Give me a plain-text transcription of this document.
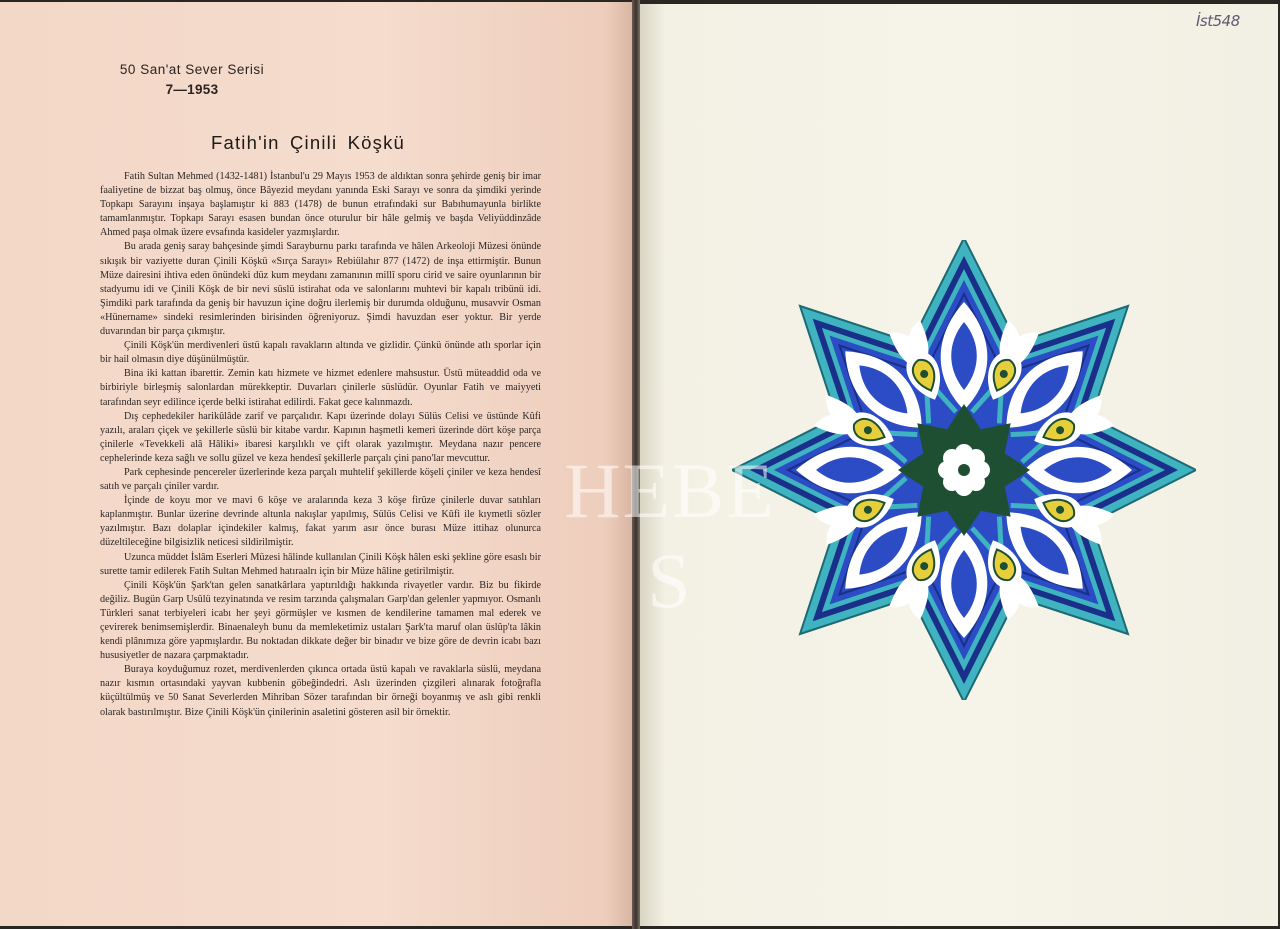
50 San'at Sever Serisi
7—1953
Fatih'in Çinili Köşkü

Fatih Sultan Mehmed (1432-1481) İstanbul'u 29 Mayıs 1953 de aldıktan sonra şehirde geniş bir imar faaliyetine de bizzat baş olmuş, önce Bâyezid meydanı yanında Eski Sarayı ve sonra da şimdiki yerinde Topkapı Sarayını inşaya başlamıştır ki 883 (1478) de bunun etrafındaki sur Babıhumayunla birlikte tamamlanmıştır. Topkapı Sarayı esasen bundan önce oturulur bir hâle gelmiş ve başda Veliyüddinzâde Ahmed paşa olmak üzere evsafında kasideler yazmışlardır.

Bu arada geniş saray bahçesinde şimdi Sarayburnu parkı tarafında ve hâlen Arkeoloji Müzesi önünde sıkışık bir vaziyette duran Çinili Köşkü «Sırça Sarayı» Rebiülahır 877 (1472) de inşa ettirmiştir. Bunun Müze dairesini ihtiva eden önündeki düz kum meydanı zamanının millî sporu cirid ve saire oyunlarının bir stadyumu idi ve Çinili Köşk de bir nevi süslü istirahat oda ve salonlarını muhtevi bir kapalı tribünü idi. Şimdiki park tarafında da geniş bir havuzun içine doğru ilerlemiş bir durumda olduğunu, musavvir Osman «Hünername» sindeki resimlerinden birisinden öğreniyoruz. Şimdi havuzdan eser yoktur. Bir yerde duvarından bir parça çıkmıştır.

Çinili Köşk'ün merdivenleri üstü kapalı ravakların altında ve gizlidir. Çünkü önünde atlı sporlar için bir hail olmasın diye düşünülmüştür.

Bina iki kattan ibarettir. Zemin katı hizmete ve hizmet edenlere mahsustur. Üstü müteaddid oda ve birbiriyle birleşmiş salonlardan mürekkeptir. Duvarları çinilerle süslüdür. Oyunlar Fatih ve maiyyeti tarafından seyr edilince içerde belki istirahat edilirdi. Fakat gece kalınmazdı.

Dış cephedekiler harikûlâde zarif ve parçalıdır. Kapı üzerinde dolayı Sülüs Celisi ve üstünde Kûfi yazılı, araları çiçek ve şekillerle süslü bir kitabe vardır. Kapının haşmetli kemeri üzerinde dört köşe parça çinilerle «Tevekkeli alâ Hâliki» ibaresi karşılıklı ve çift olarak yazılmıştır. Meydana nazır pencere cephelerinde keza sağlı ve sollu güzel ve keza hendesî şekillerle parçalı çini pano'lar mevcuttur.

Park cephesinde pencereler üzerlerinde keza parçalı muhtelif şekillerde köşeli çiniler ve keza hendesî satıh ve parçalı çiniler vardır.

İçinde de koyu mor ve mavi 6 köşe ve aralarında keza 3 köşe firûze çinilerle duvar satıhları kaplanmıştır. Bunlar üzerine devrinde altunla nakışlar yapılmış, Sülüs Celisi ve Kûfi ile kıymetli sözler yazılmıştır. Bazı dolaplar içindekiler kalmış, fakat yarım asır önce burası Müze ittihaz olunurca düzeltileceğine bilgisizlik neticesi sildirilmiştir.

Uzunca müddet İslâm Eserleri Müzesi hâlinde kullanılan Çinili Köşk hâlen eski şekline göre esaslı bir surette tamir edilerek Fatih Sultan Mehmed hatıraalrı için bir Müze hâline getirilmiştir.

Çinili Köşk'ün Şark'tan gelen sanatkârlara yaptırıldığı hakkında rivayetler vardır. Biz bu fikirde değiliz. Bugün Garp Usûlü tezyinatında ve resim tarzında çalışmaları Garp'dan gelenler yapmıyor. Osmanlı Türkleri sanat terbiyeleri icabı her şeyi görmüşler ve kısmen de kendilerine tamamen mal ederek ve çevirerek benimsemişlerdir. Binaenaleyh bunu da memleketimiz ustaları Şark'ta maruf olan üslûp'ta lâkin kendi plânımıza göre yapmışlardır. Bu noktadan dikkate değer bir binadır ve bize göre de devrin icabı bazı hususiyetler de nazara çarpmaktadır.

Buraya koyduğumuz rozet, merdivenlerden çıkınca ortada üstü kapalı ve ravaklarla süslü, meydana nazır kısmın ortasındaki yayvan kubbenin göbeğindedri. Aslı üzerinden çizgileri alınarak fotoğrafla küçültülmüş ve 50 Sanat Severlerden Mihriban Sözer tarafından bir örneği boyanmış ve aslı gibi renkli olarak bastırılmıştır. Bize Çinili Köşk'ün çinilerinin asaletini gösteren asil bir örnektir.

İst548
HEBE S
